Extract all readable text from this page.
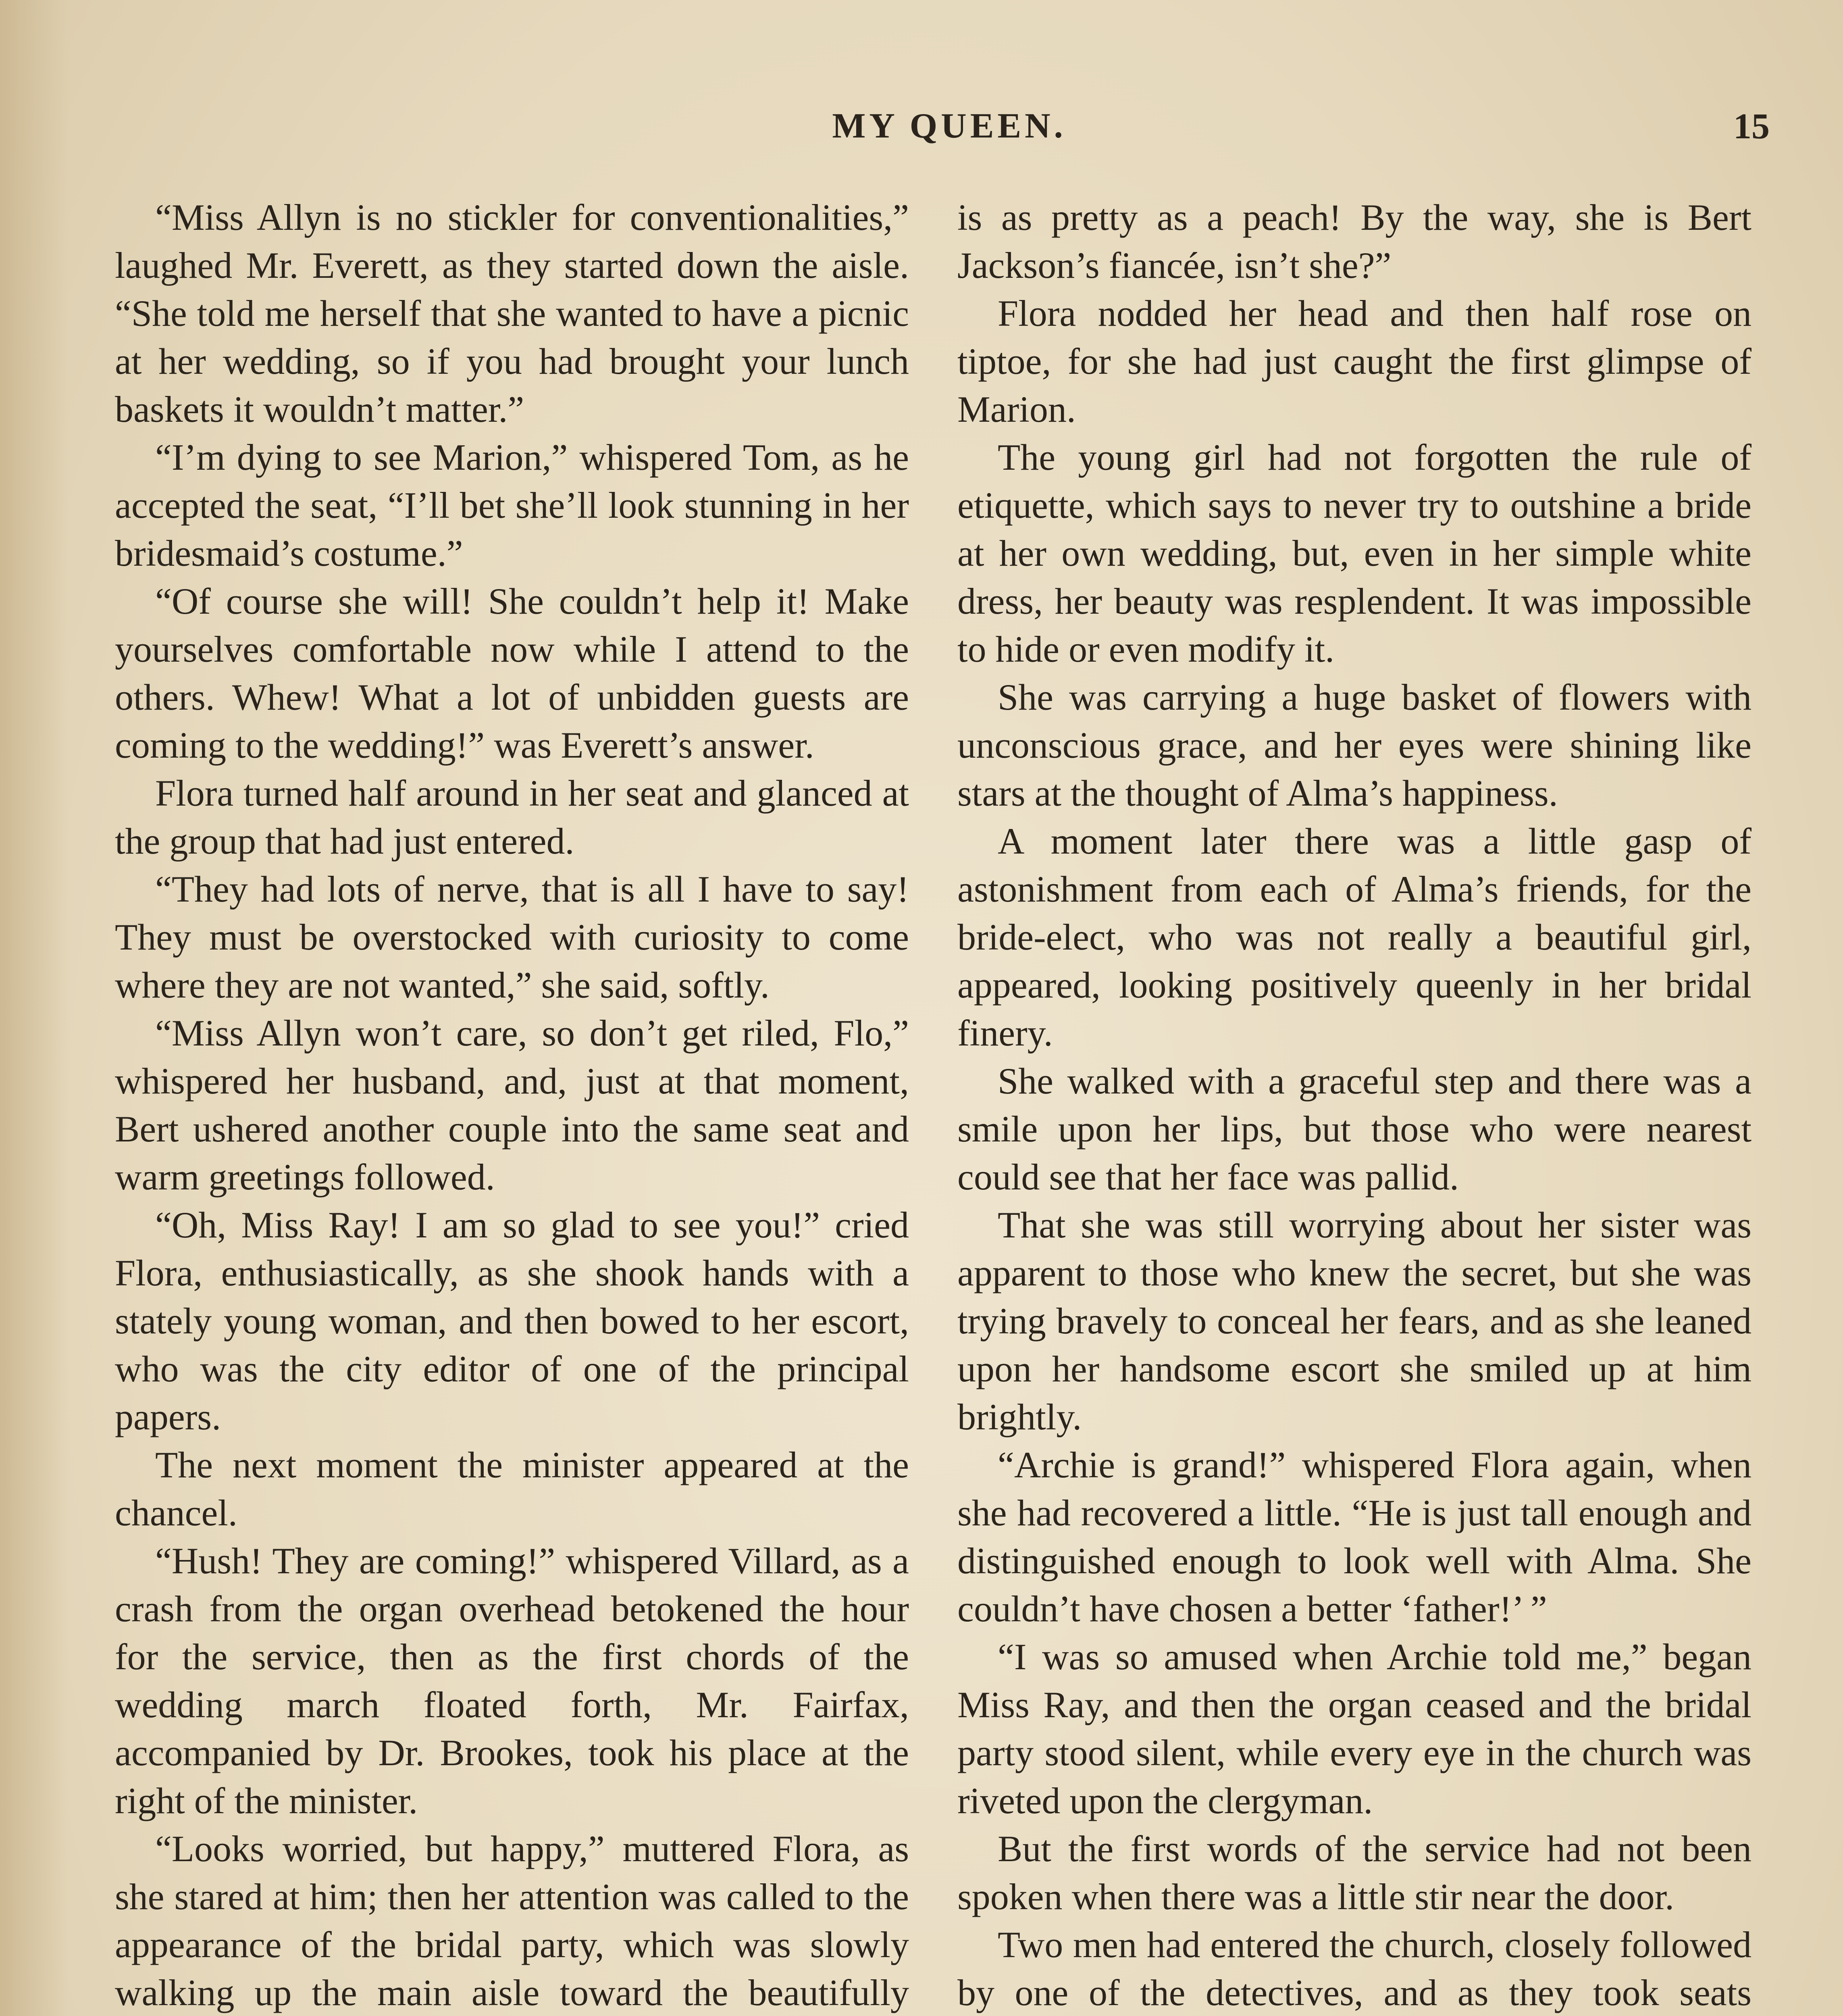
MY QUEEN.	15

“Miss Allyn is no stickler for conventionalities,” laughed Mr. Everett, as they started down the aisle. “She told me herself that she wanted to have a picnic at her wedding, so if you had brought your lunch baskets it wouldn’t matter.”

“I’m dying to see Marion,” whispered Tom, as he accepted the seat, “I’ll bet she’ll look stunning in her bridesmaid’s costume.”

“Of course she will! She couldn’t help it! Make yourselves comfortable now while I attend to the others. Whew! What a lot of unbidden guests are coming to the wedding!” was Everett’s answer.

Flora turned half around in her seat and glanced at the group that had just entered.

“They had lots of nerve, that is all I have to say! They must be overstocked with curiosity to come where they are not wanted,” she said, softly.

“Miss Allyn won’t care, so don’t get riled, Flo,” whispered her husband, and, just at that moment, Bert ushered another couple into the same seat and warm greetings followed.

“Oh, Miss Ray! I am so glad to see you!” cried Flora, enthusiastically, as she shook hands with a stately young woman, and then bowed to her escort, who was the city editor of one of the principal papers.

The next moment the minister appeared at the chancel.

“Hush! They are coming!” whispered Villard, as a crash from the organ overhead betokened the hour for the service, then as the first chords of the wedding march floated forth, Mr. Fairfax, accompanied by Dr. Brookes, took his place at the right of the minister.

“Looks worried, but happy,” muttered Flora, as she stared at him; then her attention was called to the appearance of the bridal party, which was slowly walking up the main aisle toward the beautifully

is as pretty as a peach! By the way, she is Bert Jackson’s fiancée, isn’t she?”

Flora nodded her head and then half rose on tiptoe, for she had just caught the first glimpse of Marion.

The young girl had not forgotten the rule of etiquette, which says to never try to outshine a bride at her own wedding, but, even in her simple white dress, her beauty was resplendent. It was impossible to hide or even modify it.

She was carrying a huge basket of flowers with unconscious grace, and her eyes were shining like stars at the thought of Alma’s happiness.

A moment later there was a little gasp of astonishment from each of Alma’s friends, for the bride-elect, who was not really a beautiful girl, appeared, looking positively queenly in her bridal finery.

She walked with a graceful step and there was a smile upon her lips, but those who were nearest could see that her face was pallid.

That she was still worrying about her sister was apparent to those who knew the secret, but she was trying bravely to conceal her fears, and as she leaned upon her handsome escort she smiled up at him brightly.

“Archie is grand!” whispered Flora again, when she had recovered a little. “He is just tall enough and distinguished enough to look well with Alma. She couldn’t have chosen a better ‘father!’ ”

“I was so amused when Archie told me,” began Miss Ray, and then the organ ceased and the bridal party stood silent, while every eye in the church was riveted upon the clergyman.

But the first words of the service had not been spoken when there was a little stir near the door.

Two men had entered the church, closely followed by one of the detectives, and as they took seats
